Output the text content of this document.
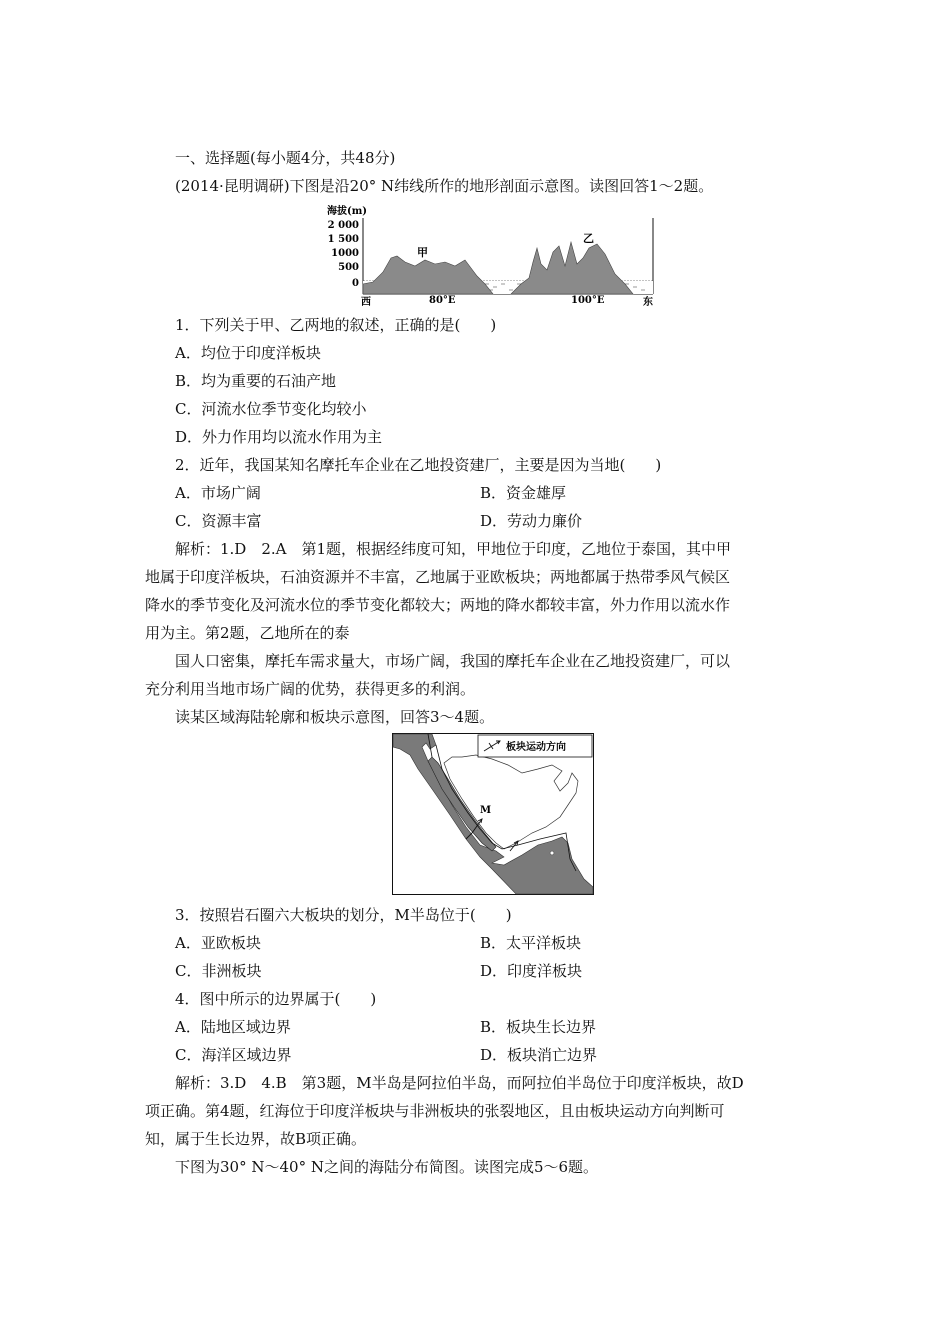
一、选择题(每小题4分，共48分)
(2014·昆明调研)下图是沿20° N纬线所作的地形剖面示意图。读图回答1～2题。
海拔(m)
2 000
1 500
1000
500
0
甲
乙
西	80°E	100°E	东
1．下列关于甲、乙两地的叙述，正确的是(　　)
A．均位于印度洋板块
B．均为重要的石油产地
C．河流水位季节变化均较小
D．外力作用均以流水作用为主
2．近年，我国某知名摩托车企业在乙地投资建厂，主要是因为当地(　　)
A．市场广阔	B．资金雄厚
C．资源丰富	D．劳动力廉价
解析：1.D　2.A　第1题，根据经纬度可知，甲地位于印度，乙地位于泰国，其中甲
地属于印度洋板块，石油资源并不丰富，乙地属于亚欧板块；两地都属于热带季风气候区
降水的季节变化及河流水位的季节变化都较大；两地的降水都较丰富，外力作用以流水作
用为主。第2题，乙地所在的泰
国人口密集，摩托车需求量大，市场广阔，我国的摩托车企业在乙地投资建厂，可以
充分利用当地市场广阔的优势，获得更多的利润。
读某区域海陆轮廓和板块示意图，回答3～4题。
M
板块运动方向
3．按照岩石圈六大板块的划分，M半岛位于(　　)
A．亚欧板块	B．太平洋板块
C．非洲板块	D．印度洋板块
4．图中所示的边界属于(　　)
A．陆地区域边界	B．板块生长边界
C．海洋区域边界	D．板块消亡边界
解析：3.D　4.B　第3题，M半岛是阿拉伯半岛，而阿拉伯半岛位于印度洋板块，故D
项正确。第4题，红海位于印度洋板块与非洲板块的张裂地区，且由板块运动方向判断可
知，属于生长边界，故B项正确。
下图为30° N～40° N之间的海陆分布简图。读图完成5～6题。
